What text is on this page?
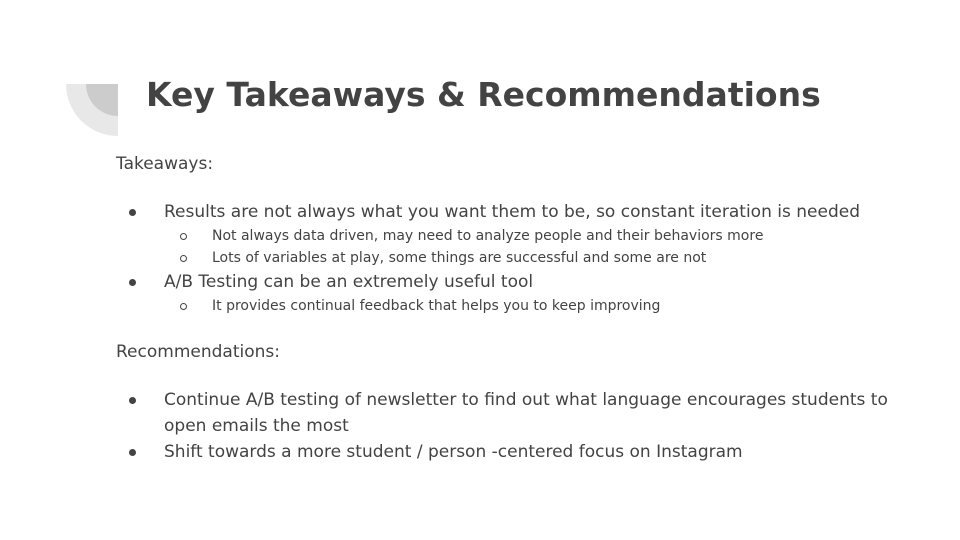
Key Takeaways & Recommendations

Takeaways:

Results are not always what you want them to be, so constant iteration is needed
Not always data driven, may need to analyze people and their behaviors more
Lots of variables at play, some things are successful and some are not
A/B Testing can be an extremely useful tool
It provides continual feedback that helps you to keep improving

Recommendations:

Continue A/B testing of newsletter to find out what language encourages students to open emails the most
Shift towards a more student / person -centered focus on Instagram
